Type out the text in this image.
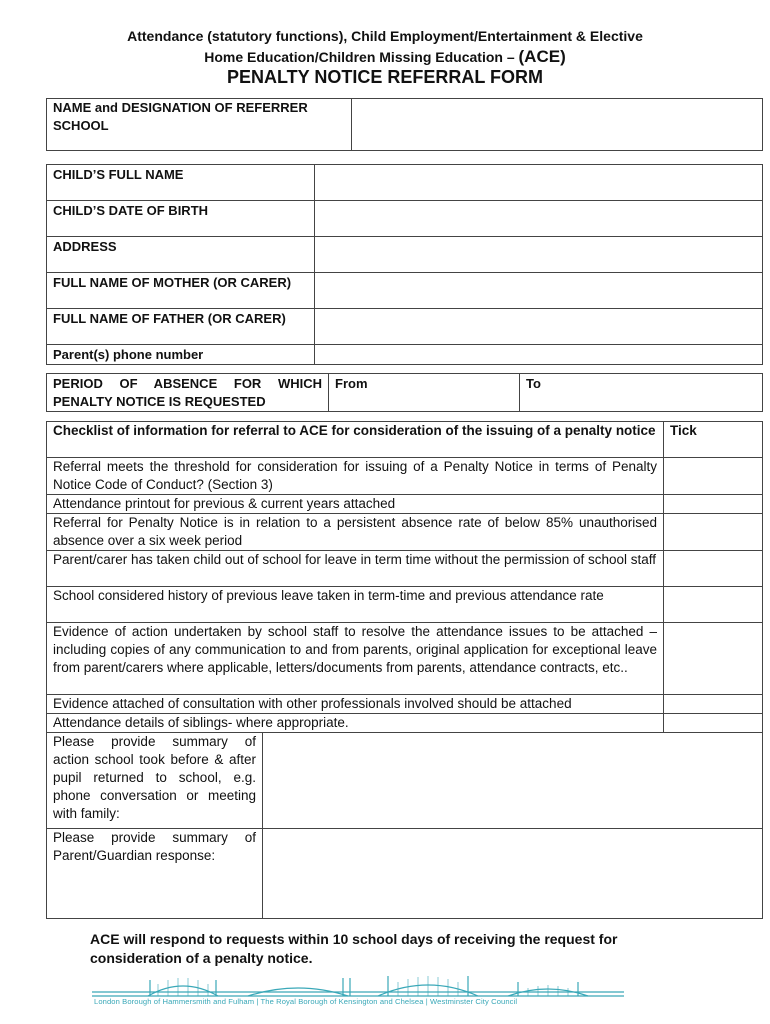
Attendance (statutory functions), Child Employment/Entertainment & Elective
Home Education/Children Missing Education – (ACE)
PENALTY NOTICE REFERRAL FORM
NAME and DESIGNATION OF REFERRER
SCHOOL

CHILD’S FULL NAME	
CHILD’S DATE OF BIRTH	
ADDRESS	
FULL NAME OF MOTHER (OR CARER)	
FULL NAME OF FATHER (OR CARER)	
Parent(s) phone number	
PERIOD OF ABSENCE FOR WHICH PENALTY NOTICE IS REQUESTED	From	To
Checklist of information for referral to ACE for consideration of the issuing of a penalty notice		Tick
Referral meets the threshold for consideration for issuing of a Penalty Notice in terms of Penalty Notice Code of Conduct? (Section 3)		
Attendance printout for previous & current years attached		
Referral for Penalty Notice is in relation to a persistent absence rate of below 85% unauthorised absence over a six week period		
Parent/carer has taken child out of school for leave in term time without the permission of school staff		
School considered history of previous leave taken in term-time and previous attendance rate		
Evidence of action undertaken by school staff to resolve the attendance issues to be attached – including copies of any communication to and from parents, original application for exceptional leave from parent/carers where applicable, letters/documents from parents, attendance contracts, etc..		
Evidence attached of consultation with other professionals involved should be attached		
Attendance details of siblings- where appropriate.		
Please provide summary of action school took before & after pupil returned to school, e.g. phone conversation or meeting with family:		
Please provide summary of Parent/Guardian response:		
ACE will respond to requests within 10 school days of receiving the request for consideration of a penalty notice.
London Borough of Hammersmith and Fulham | The Royal Borough of Kensington and Chelsea | Westminster City Council
